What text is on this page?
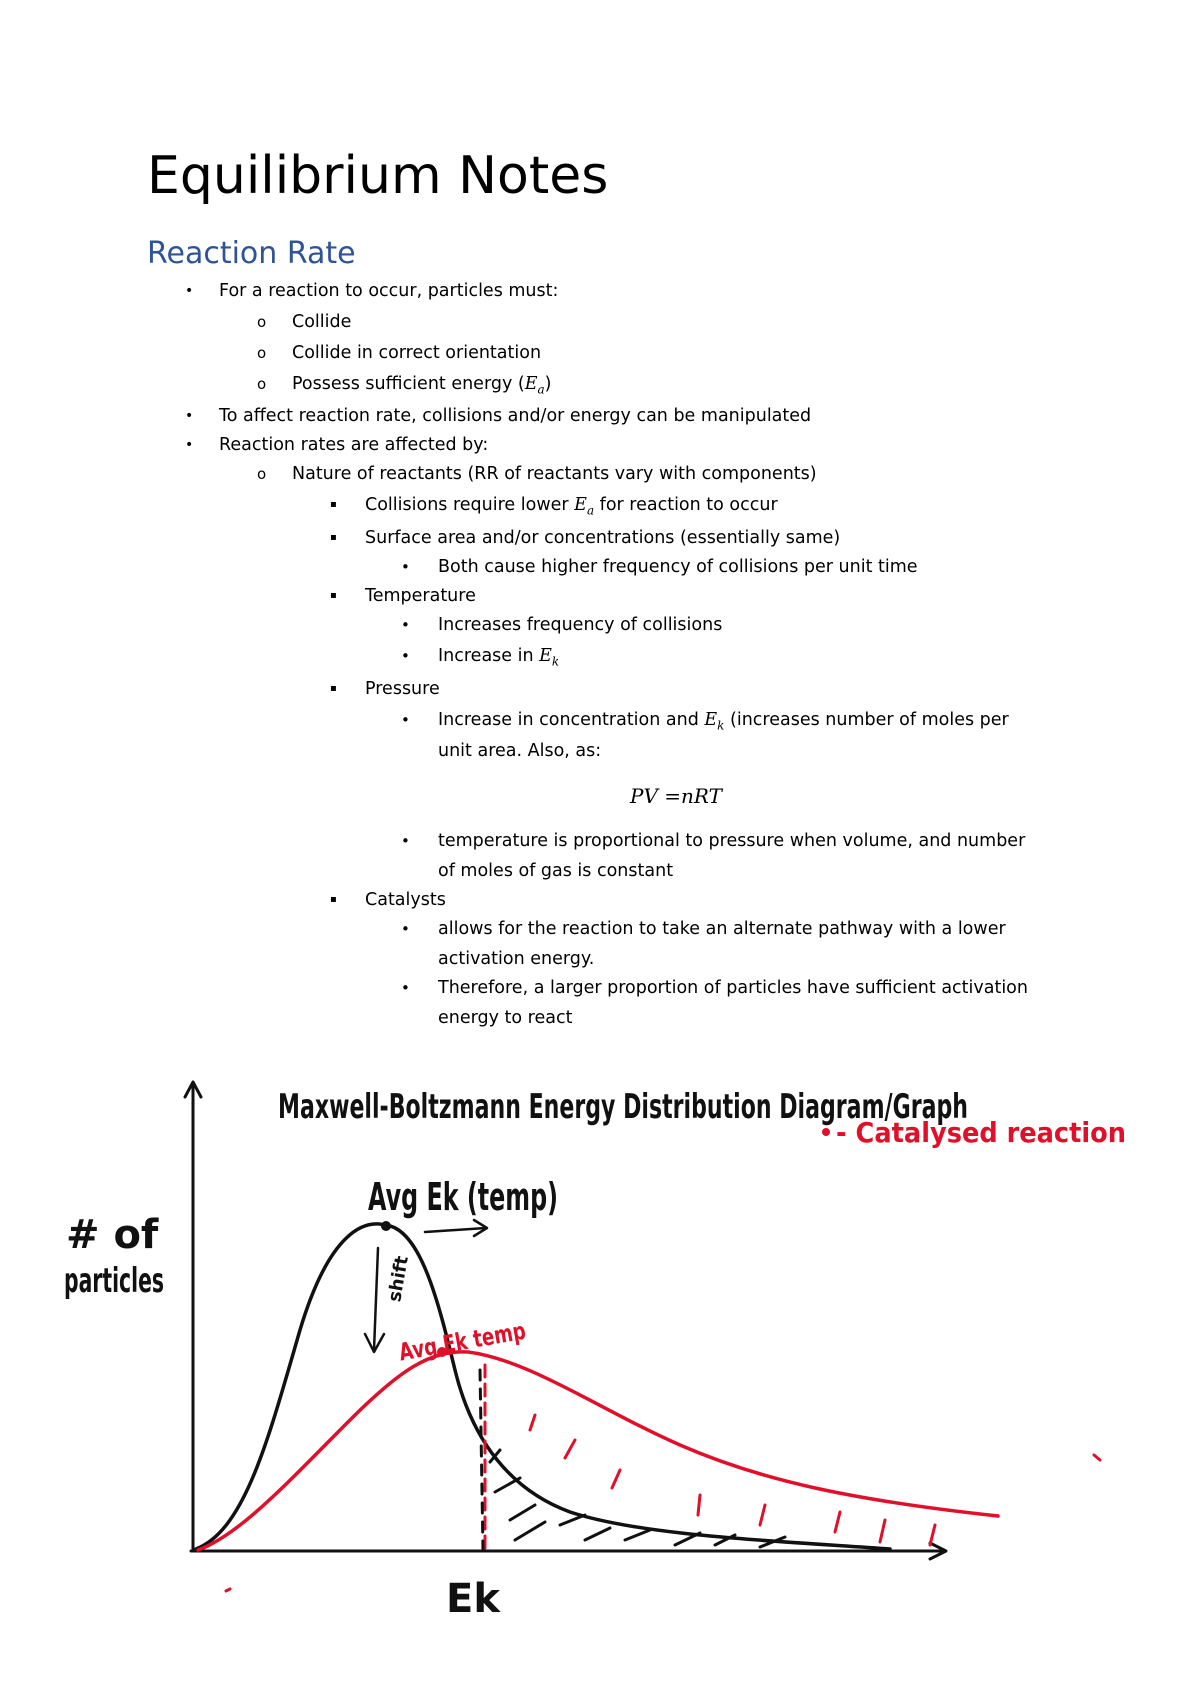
Equilibrium Notes
Reaction Rate
• For a reaction to occur, particles must:

o Collide

o Collide in correct orientation

o Possess sufficient energy $(E_a)$

• To affect reaction rate, collisions and/or energy can be manipulated

• Reaction rates are affected by:

o Nature of reactants (RR of reactants vary with components)

▪ Collisions require lower $E_a$ for reaction to occur

▪ Surface area and/or concentrations (essentially same)

• Both cause higher frequency of collisions per unit time

▪ Temperature

• Increases frequency of collisions

• Increase in $E_k$

▪ Pressure

• Increase in concentration and $E_k$ (increases number of moles per

unit area. Also, as:

PV =nRT

• temperature is proportional to pressure when volume, and number

of moles of gas is constant

▪ Catalysts

• allows for the reaction to take an alternate pathway with a lower

activation energy.

• Therefore, a larger proportion of particles have sufficient activation

energy to react

Maxwell-Boltzmann Energy Distribution Diagram/Graph
- Catalysed reaction
# of
particles
Avg Ek (temp)
shift
Avg Ek temp
Ek
